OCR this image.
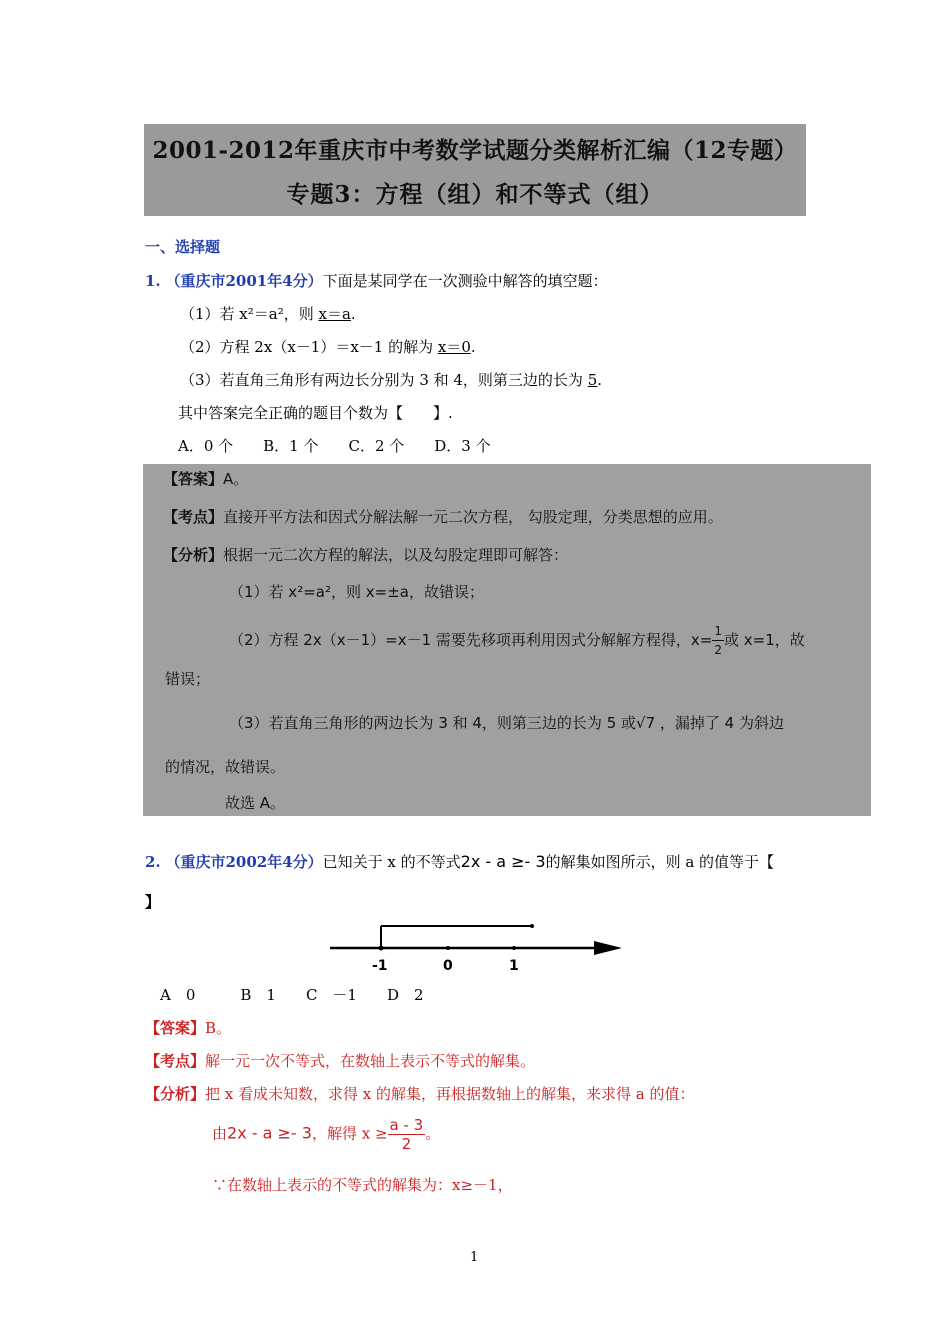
2001-2012年重庆市中考数学试题分类解析汇编（12专题）
专题3：方程（组）和不等式（组）
一、选择题
1. （重庆市2001年4分）下面是某同学在一次测验中解答的填空题：
（1）若 x²＝a²，则 x＝a.
（2）方程 2x（x－1）＝x－1 的解为 x＝0.
（3）若直角三角形有两边长分别为 3 和 4，则第三边的长为 5.
其中答案完全正确的题目个数为【　　】.
A．0 个　　B．1 个　　C．2 个　　D．3 个
【答案】A。
【考点】直接开平方法和因式分解法解一元二次方程， 勾股定理，分类思想的应用。
【分析】根据一元二次方程的解法，以及勾股定理即可解答：
（1）若 x²=a²，则 x=±a，故错误；
（2）方程 2x（x－1）=x－1 需要先移项再利用因式分解解方程得，$x= \frac{1}{2}$ 或 x=1，故
错误；
（3）若直角三角形的两边长为 3 和 4，则第三边的长为 5 或√7 ，漏掉了 4 为斜边
的情况，故错误。
故选 A。
2. （重庆市2002年4分）已知关于 x 的不等式2x - a ≥- 3的解集如图所示，则 a 的值等于【
】
-1	0	1
A　0　　　B　1　　C　－1　　D　2
【答案】B。
【考点】解一元一次不等式，在数轴上表示不等式的解集。
【分析】把 x 看成未知数，求得 x 的解集，再根据数轴上的解集，来求得 a 的值：
由2x - a ≥- 3，解得 $x \ge \frac{a - 3}{2}$ 。
∵在数轴上表示的不等式的解集为：x≥－1，
1
